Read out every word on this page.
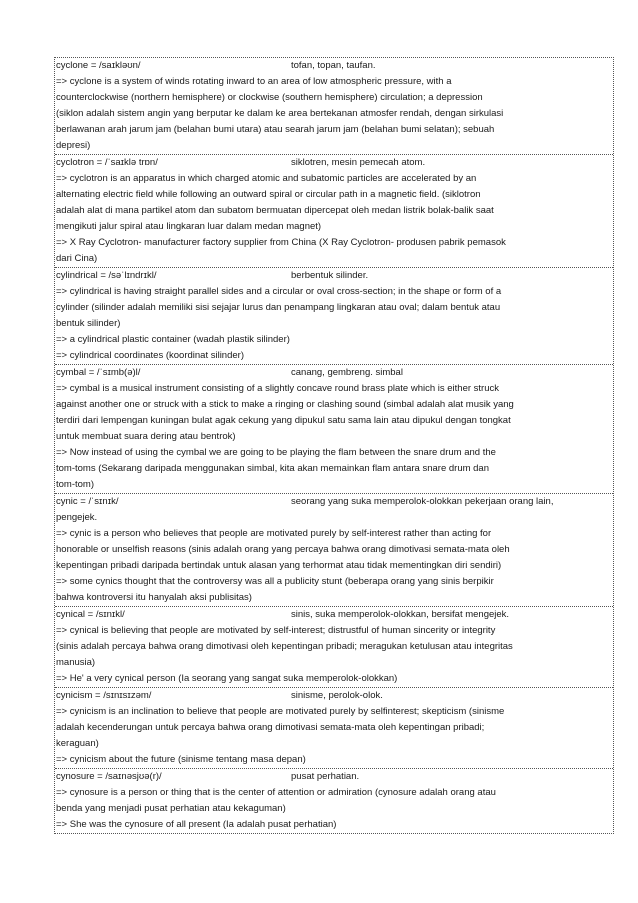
cyclone = /saɪkləʊn/	tofan, topan, taufan.
=> cyclone is a system of winds rotating inward to an area of low atmospheric pressure, with a
counterclockwise (northern hemisphere) or clockwise (southern hemisphere) circulation; a depression
(siklon adalah sistem angin yang berputar ke dalam ke area bertekanan atmosfer rendah, dengan sirkulasi
berlawanan arah jarum jam (belahan bumi utara) atau searah jarum jam (belahan bumi selatan); sebuah
depresi)
cyclotron = /ˈsaɪklə trɒn/	siklotren, mesin pemecah atom.
=> cyclotron is an apparatus in which charged atomic and subatomic particles are accelerated by an
alternating electric field while following an outward spiral or circular path in a magnetic field. (siklotron
adalah alat di mana partikel atom dan subatom bermuatan dipercepat oleh medan listrik bolak-balik saat
mengikuti jalur spiral atau lingkaran luar dalam medan magnet)
=> X Ray Cyclotron- manufacturer factory supplier from China (X Ray Cyclotron- produsen pabrik pemasok
dari Cina)
cylindrical = /səˈlɪndrɪkl/	berbentuk silinder.
=> cylindrical is having straight parallel sides and a circular or oval cross-section; in the shape or form of a
cylinder (silinder adalah memiliki sisi sejajar lurus dan penampang lingkaran atau oval; dalam bentuk atau
bentuk silinder)
=> a cylindrical plastic container (wadah plastik silinder)
=> cylindrical coordinates (koordinat silinder)
cymbal = /ˈsɪmb(ə)l/	canang, gembreng. simbal
=> cymbal is a musical instrument consisting of a slightly concave round brass plate which is either struck
against another one or struck with a stick to make a ringing or clashing sound (simbal adalah alat musik yang
terdiri dari lempengan kuningan bulat agak cekung yang dipukul satu sama lain atau dipukul dengan tongkat
untuk membuat suara dering atau bentrok)
=> Now instead of using the cymbal we are going to be playing the flam between the snare drum and the
tom-toms (Sekarang daripada menggunakan simbal, kita akan memainkan flam antara snare drum dan
tom-tom)
cynic = /ˈsɪnɪk/	seorang yang suka memperolok-olokkan pekerjaan orang lain,
pengejek.
=> cynic is a person who believes that people are motivated purely by self-interest rather than acting for
honorable or unselfish reasons (sinis adalah orang yang percaya bahwa orang dimotivasi semata-mata oleh
kepentingan pribadi daripada bertindak untuk alasan yang terhormat atau tidak mementingkan diri sendiri)
=> some cynics thought that the controversy was all a publicity stunt (beberapa orang yang sinis berpikir
bahwa kontroversi itu hanyalah aksi publisitas)
cynical = /sɪnɪkl/	sinis, suka memperolok-olokkan, bersifat mengejek.
=> cynical is believing that people are motivated by self-interest; distrustful of human sincerity or integrity
(sinis adalah percaya bahwa orang dimotivasi oleh kepentingan pribadi; meragukan ketulusan atau integritas
manusia)
=> He' a very cynical person (Ia seorang yang sangat suka memperolok-olokkan)
cynicism = /sɪnɪsɪzəm/	sinisme, perolok-olok.
=> cynicism is an inclination to believe that people are motivated purely by selfinterest; skepticism (sinisme
adalah kecenderungan untuk percaya bahwa orang dimotivasi semata-mata oleh kepentingan pribadi;
keraguan)
=> cynicism about the future (sinisme tentang masa depan)
cynosure = /saɪnəsjʊə(r)/	pusat perhatian.
=> cynosure is a person or thing that is the center of attention or admiration (cynosure adalah orang atau
benda yang menjadi pusat perhatian atau kekaguman)
=> She was the cynosure of all present (Ia adalah pusat perhatian)
